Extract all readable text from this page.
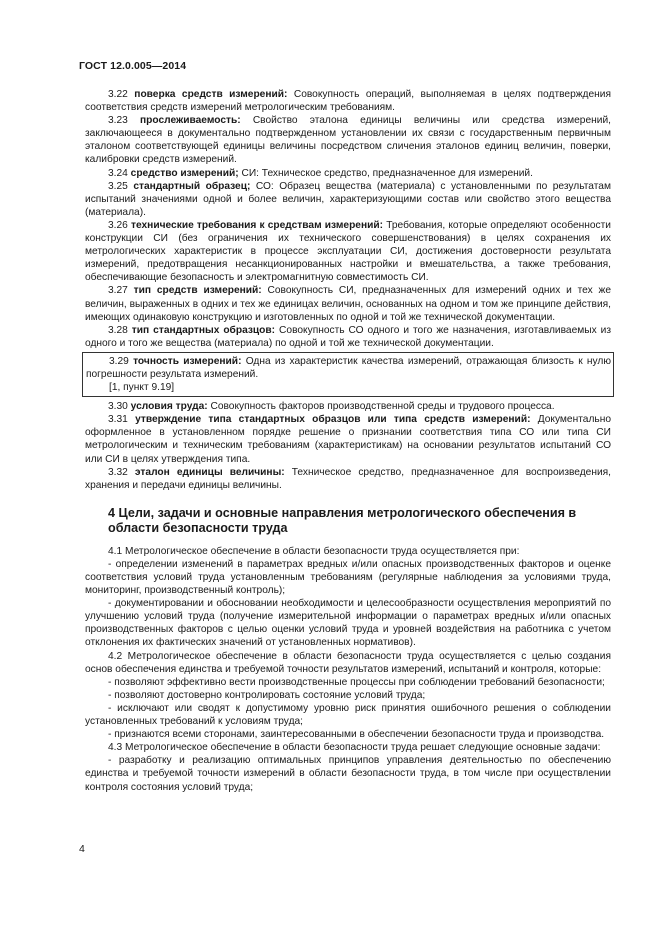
ГОСТ 12.0.005—2014

3.22 поверка средств измерений: Совокупность операций, выполняемая в целях подтверждения соответствия средств измерений метрологическим требованиям.

3.23 прослеживаемость: Свойство эталона единицы величины или средства измерений, заключающееся в документально подтвержденном установлении их связи с государственным первичным эталоном соответствующей единицы величины посредством сличения эталонов единиц величин, поверки, калибровки средств измерений.

3.24 средство измерений; СИ: Техническое средство, предназначенное для измерений.

3.25 стандартный образец; СО: Образец вещества (материала) с установленными по результатам испытаний значениями одной и более величин, характеризующими состав или свойство этого вещества (материала).

3.26 технические требования к средствам измерений: Требования, которые определяют особенности конструкции СИ (без ограничения их технического совершенствования) в целях сохранения их метрологических характеристик в процессе эксплуатации СИ, достижения достоверности результата измерений, предотвращения несанкционированных настройки и вмешательства, а также требования, обеспечивающие безопасность и электромагнитную совместимость СИ.

3.27 тип средств измерений: Совокупность СИ, предназначенных для измерений одних и тех же величин, выраженных в одних и тех же единицах величин, основанных на одном и том же принципе действия, имеющих одинаковую конструкцию и изготовленных по одной и той же технической документации.

3.28 тип стандартных образцов: Совокупность СО одного и того же назначения, изготавливаемых из одного и того же вещества (материала) по одной и той же технической документации.

3.29 точность измерений: Одна из характеристик качества измерений, отражающая близость к нулю погрешности результата измерений.

[1, пункт 9.19]

3.30 условия труда: Совокупность факторов производственной среды и трудового процесса.

3.31 утверждение типа стандартных образцов или типа средств измерений: Документально оформленное в установленном порядке решение о признании соответствия типа СО или типа СИ метрологическим и техническим требованиям (характеристикам) на основании результатов испытаний СО или СИ в целях утверждения типа.

3.32 эталон единицы величины: Техническое средство, предназначенное для воспроизведения, хранения и передачи единицы величины.

4 Цели, задачи и основные направления метрологического обеспечения в области безопасности труда

4.1 Метрологическое обеспечение в области безопасности труда осуществляется при:

- определении изменений в параметрах вредных и/или опасных производственных факторов и оценке соответствия условий труда установленным требованиям (регулярные наблюдения за условиями труда, мониторинг, производственный контроль);

- документировании и обосновании необходимости и целесообразности осуществления мероприятий по улучшению условий труда (получение измерительной информации о параметрах вредных и/или опасных производственных факторов с целью оценки условий труда и уровней воздействия на работника с учетом отклонения их фактических значений от установленных нормативов).

4.2 Метрологическое обеспечение в области безопасности труда осуществляется с целью создания основ обеспечения единства и требуемой точности результатов измерений, испытаний и контроля, которые:

- позволяют эффективно вести производственные процессы при соблюдении требований безопасности;

- позволяют достоверно контролировать состояние условий труда;

- исключают или сводят к допустимому уровню риск принятия ошибочного решения о соблюдении установленных требований к условиям труда;

- признаются всеми сторонами, заинтересованными в обеспечении безопасности труда и производства.

4.3 Метрологическое обеспечение в области безопасности труда решает следующие основные задачи:

- разработку и реализацию оптимальных принципов управления деятельностью по обеспечению единства и требуемой точности измерений в области безопасности труда, в том числе при осуществлении контроля состояния условий труда;

4
